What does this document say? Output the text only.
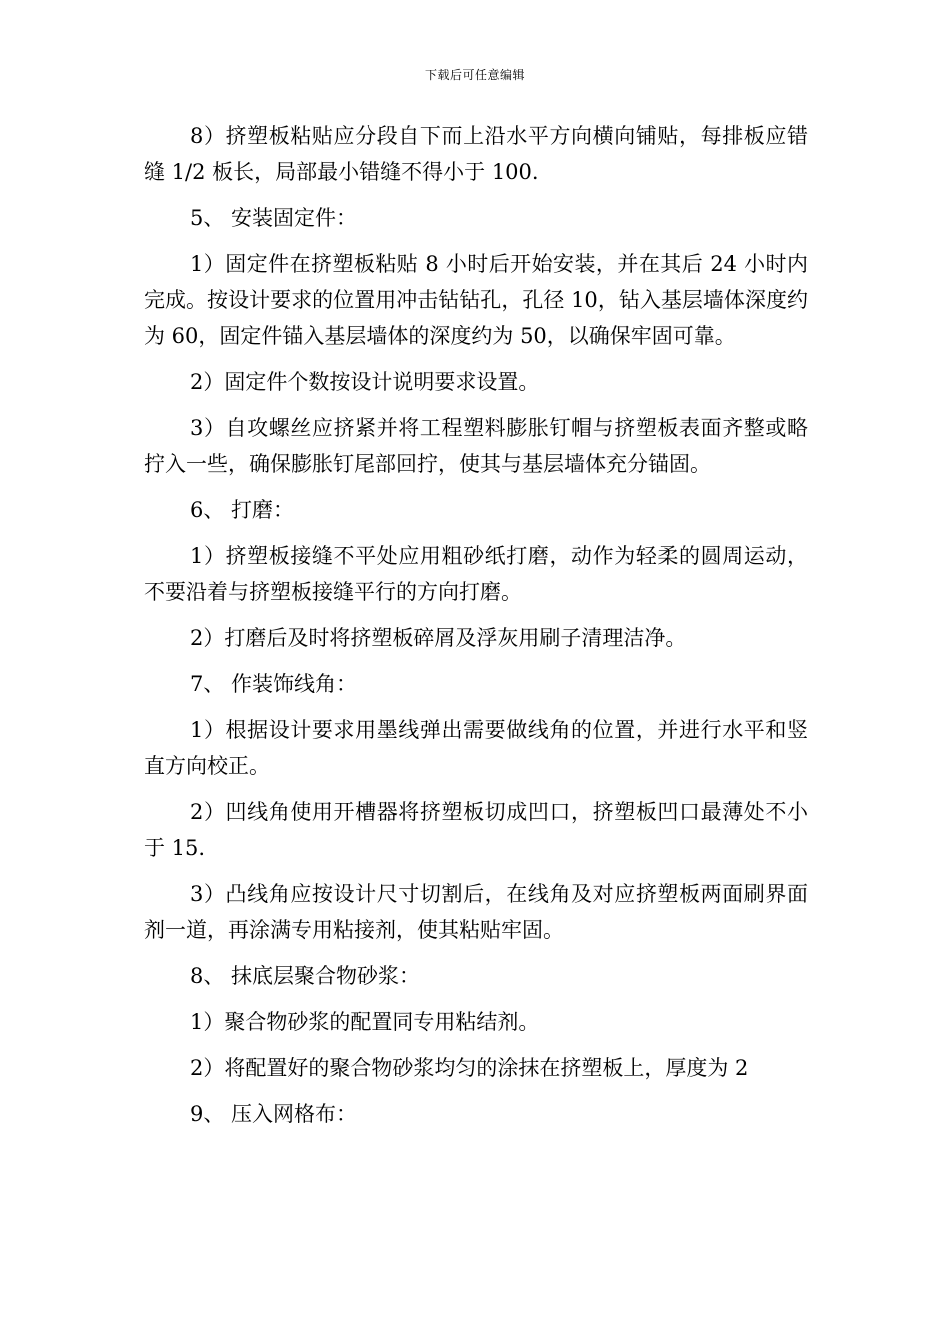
下载后可任意编辑

8）挤塑板粘贴应分段自下而上沿水平方向横向铺贴，每排板应错缝 1/2 板长，局部最小错缝不得小于 100.

5、 安装固定件：

1）固定件在挤塑板粘贴 8 小时后开始安装，并在其后 24 小时内完成。按设计要求的位置用冲击钻钻孔，孔径 10，钻入基层墙体深度约为 60，固定件锚入基层墙体的深度约为 50，以确保牢固可靠。

2）固定件个数按设计说明要求设置。

3）自攻螺丝应挤紧并将工程塑料膨胀钉帽与挤塑板表面齐整或略拧入一些，确保膨胀钉尾部回拧，使其与基层墙体充分锚固。

6、 打磨：

1）挤塑板接缝不平处应用粗砂纸打磨，动作为轻柔的圆周运动，不要沿着与挤塑板接缝平行的方向打磨。

2）打磨后及时将挤塑板碎屑及浮灰用刷子清理洁净。

7、 作装饰线角：

1）根据设计要求用墨线弹出需要做线角的位置，并进行水平和竖直方向校正。

2）凹线角使用开槽器将挤塑板切成凹口，挤塑板凹口最薄处不小于 15.

3）凸线角应按设计尺寸切割后，在线角及对应挤塑板两面刷界面剂一道，再涂满专用粘接剂，使其粘贴牢固。

8、 抹底层聚合物砂浆：

1）聚合物砂浆的配置同专用粘结剂。

2）将配置好的聚合物砂浆均匀的涂抹在挤塑板上，厚度为 2

9、 压入网格布：
